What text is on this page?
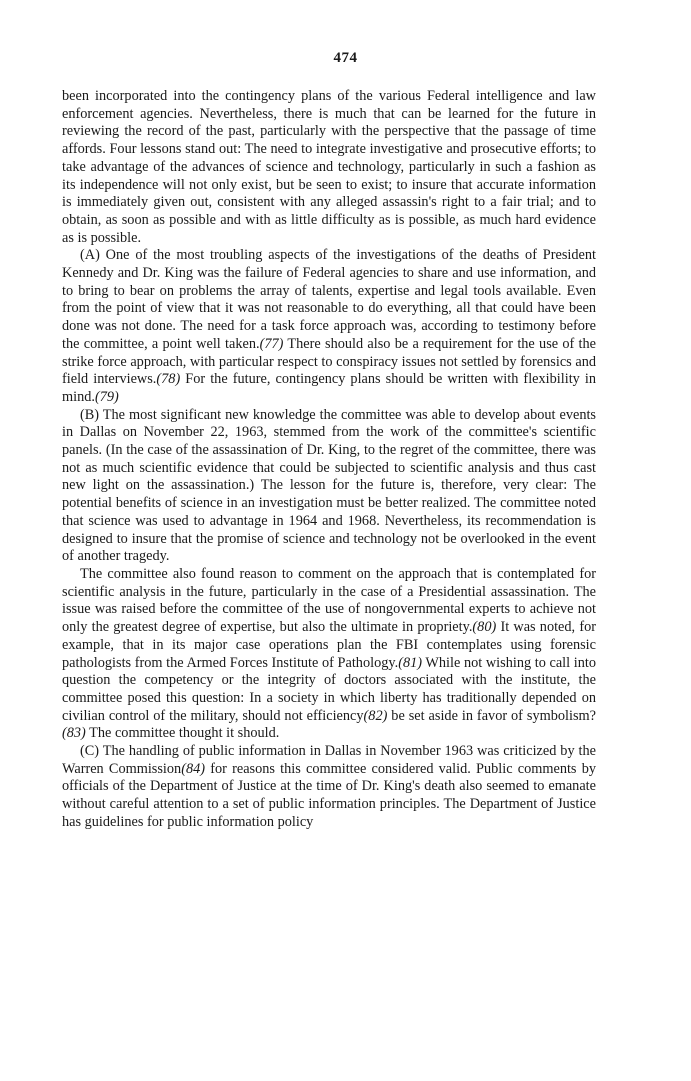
474

been incorporated into the contingency plans of the various Federal intelligence and law enforcement agencies. Nevertheless, there is much that can be learned for the future in reviewing the record of the past, particularly with the perspective that the passage of time affords. Four lessons stand out: The need to integrate investigative and prosecutive efforts; to take advantage of the advances of science and technology, particularly in such a fashion as its independence will not only exist, but be seen to exist; to insure that accurate information is immediately given out, consistent with any alleged assassin's right to a fair trial; and to obtain, as soon as possible and with as little difficulty as is possible, as much hard evidence as is possible.

(A) One of the most troubling aspects of the investigations of the deaths of President Kennedy and Dr. King was the failure of Federal agencies to share and use information, and to bring to bear on problems the array of talents, expertise and legal tools available. Even from the point of view that it was not reasonable to do everything, all that could have been done was not done. The need for a task force approach was, according to testimony before the committee, a point well taken.(77) There should also be a requirement for the use of the strike force approach, with particular respect to conspiracy issues not settled by forensics and field interviews.(78) For the future, contingency plans should be written with flexibility in mind.(79)

(B) The most significant new knowledge the committee was able to develop about events in Dallas on November 22, 1963, stemmed from the work of the committee's scientific panels. (In the case of the assassination of Dr. King, to the regret of the committee, there was not as much scientific evidence that could be subjected to scientific analysis and thus cast new light on the assassination.) The lesson for the future is, therefore, very clear: The potential benefits of science in an investigation must be better realized. The committee noted that science was used to advantage in 1964 and 1968. Nevertheless, its recommendation is designed to insure that the promise of science and technology not be overlooked in the event of another tragedy.

The committee also found reason to comment on the approach that is contemplated for scientific analysis in the future, particularly in the case of a Presidential assassination. The issue was raised before the committee of the use of nongovernmental experts to achieve not only the greatest degree of expertise, but also the ultimate in propriety.(80) It was noted, for example, that in its major case operations plan the FBI contemplates using forensic pathologists from the Armed Forces Institute of Pathology.(81) While not wishing to call into question the competency or the integrity of doctors associated with the institute, the committee posed this question: In a society in which liberty has traditionally depended on civilian control of the military, should not efficiency(82) be set aside in favor of symbolism?(83) The committee thought it should.

(C) The handling of public information in Dallas in November 1963 was criticized by the Warren Commission(84) for reasons this committee considered valid. Public comments by officials of the Department of Justice at the time of Dr. King's death also seemed to emanate without careful attention to a set of public information principles. The Department of Justice has guidelines for public information policy
